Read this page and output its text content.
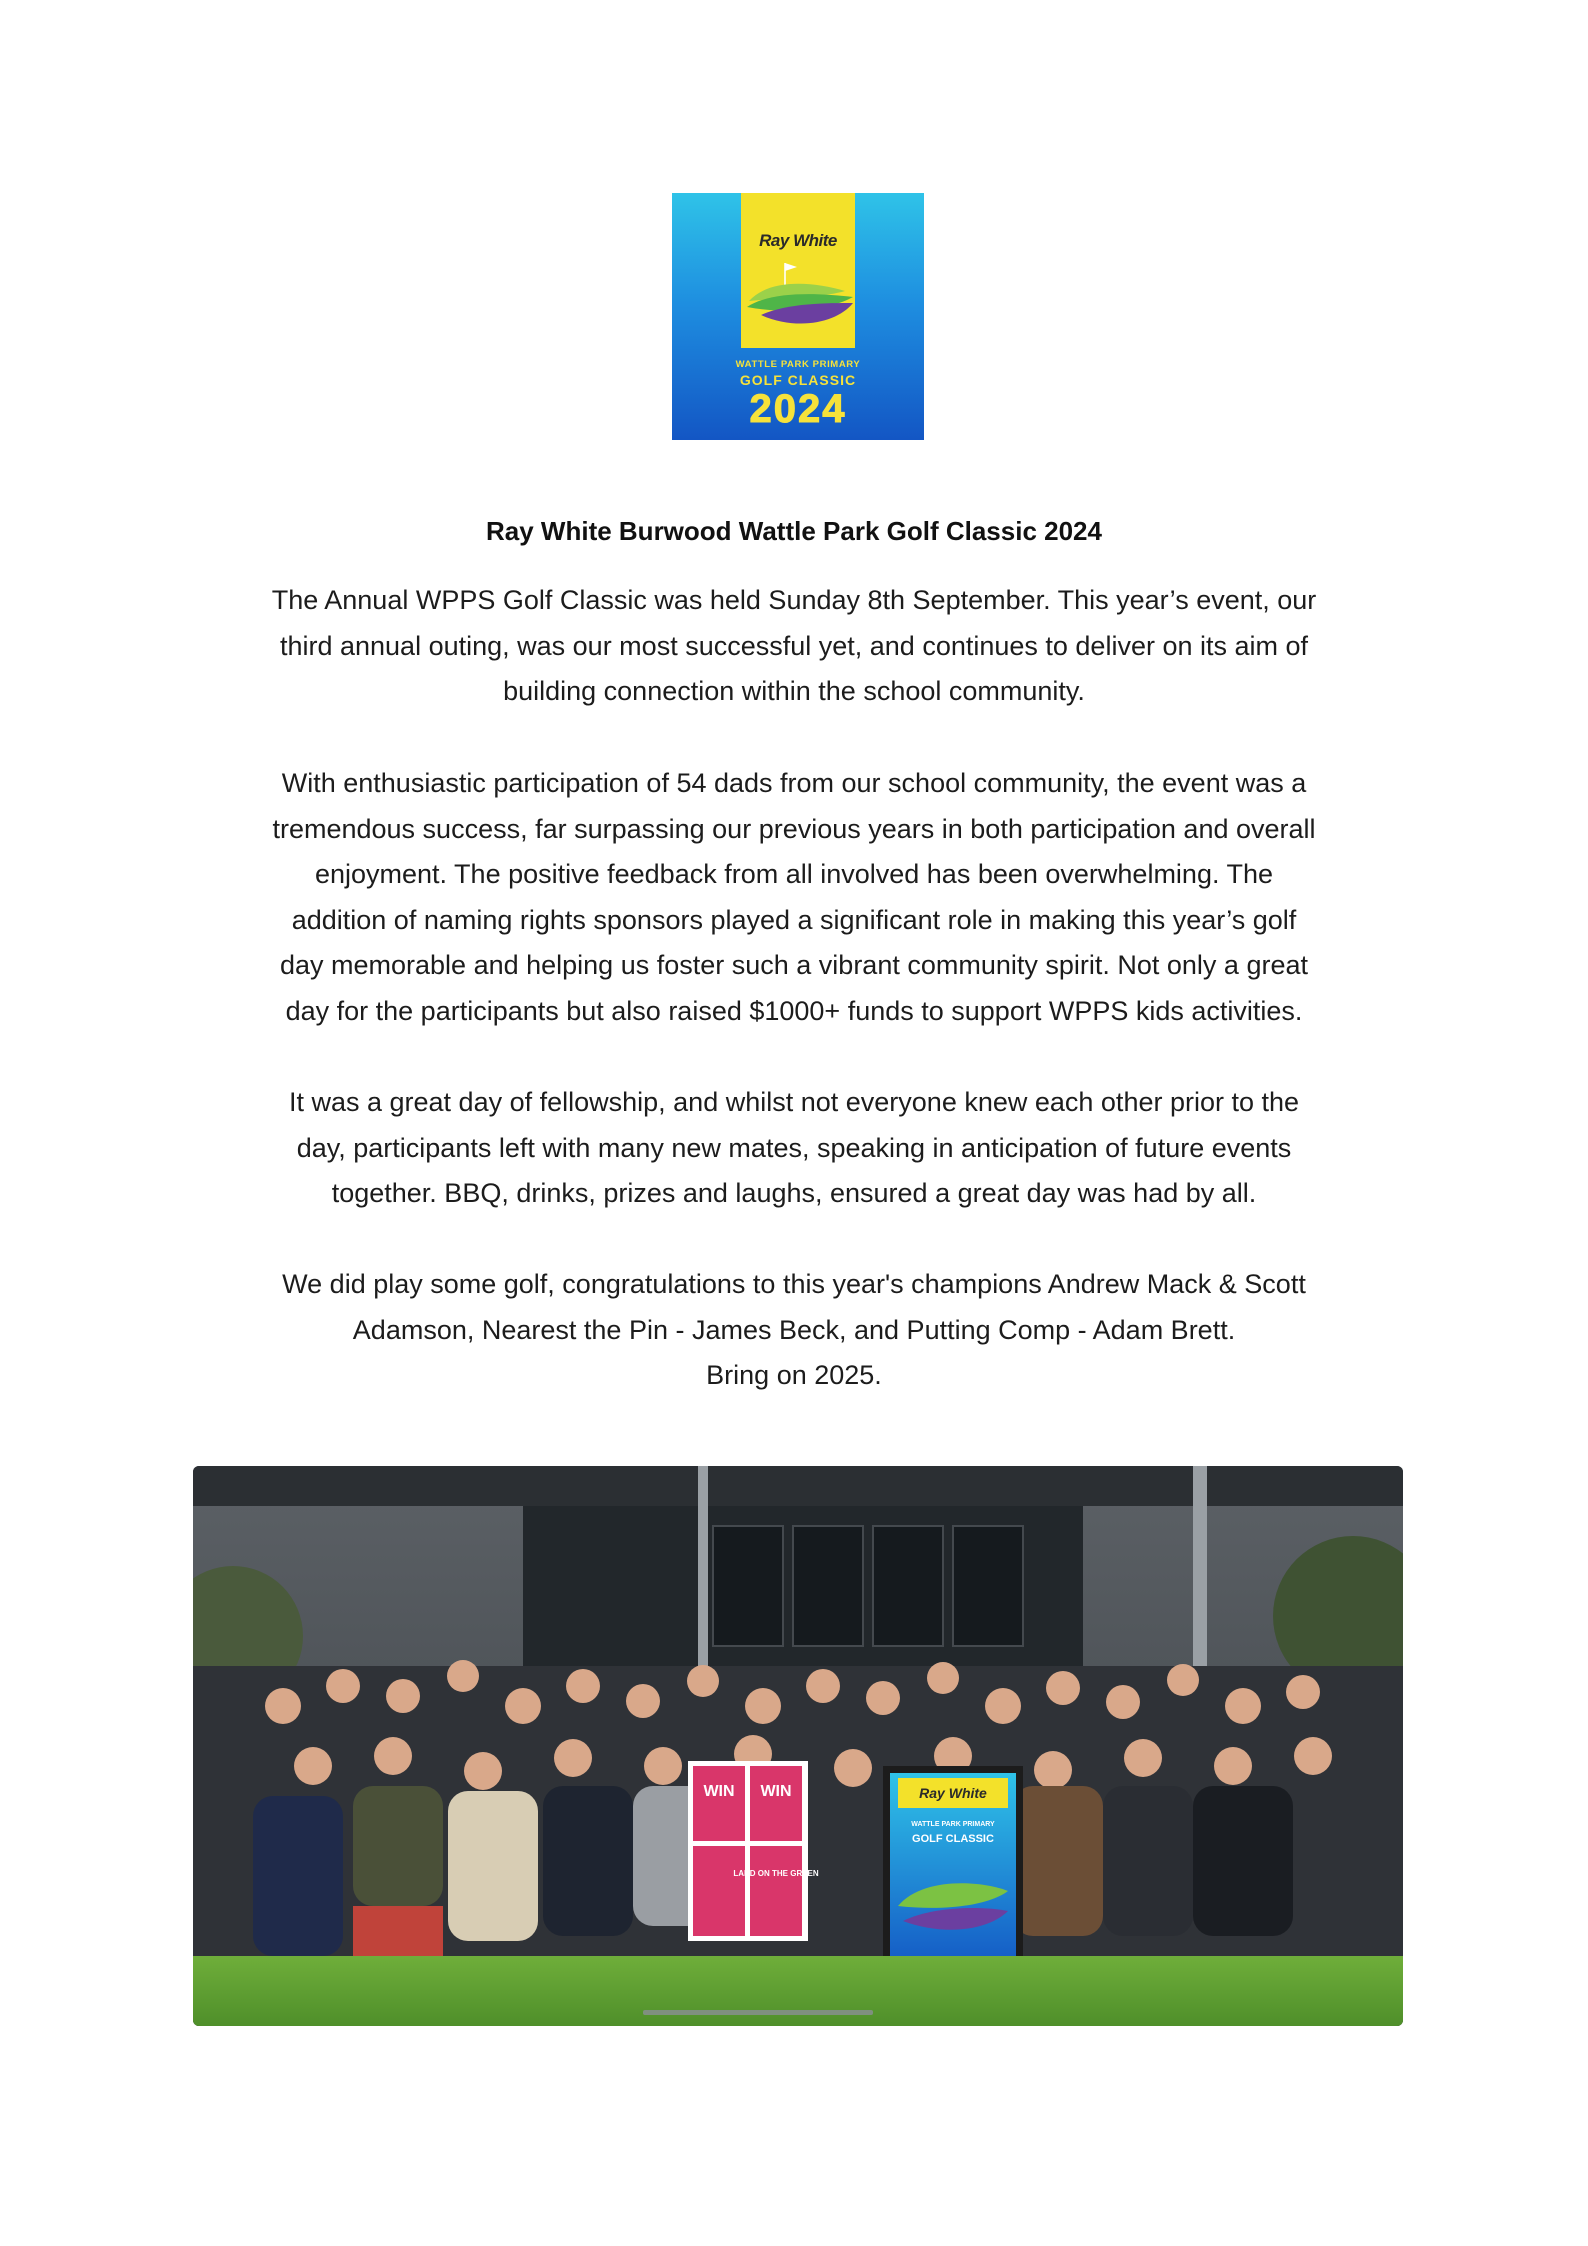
Ray White
WATTLE PARK PRIMARY
GOLF CLASSIC
2024
Ray White Burwood Wattle Park Golf Classic 2024

The Annual WPPS Golf Classic was held Sunday 8th September. This year’s event, our
third annual outing, was our most successful yet, and continues to deliver on its aim of
building connection within the school community.

With enthusiastic participation of 54 dads from our school community, the event was a
tremendous success, far surpassing our previous years in both participation and overall
enjoyment. The positive feedback from all involved has been overwhelming. The
addition of naming rights sponsors played a significant role in making this year’s golf
day memorable and helping us foster such a vibrant community spirit. Not only a great
day for the participants but also raised $1000+ funds to support WPPS kids activities.

It was a great day of fellowship, and whilst not everyone knew each other prior to the
day, participants left with many new mates, speaking in anticipation of future events
together. BBQ, drinks, prizes and laughs, ensured a great day was had by all.

We did play some golf, congratulations to this year's champions Andrew Mack & Scott
Adamson, Nearest the Pin - James Beck, and Putting Comp - Adam Brett.
Bring on 2025.

WIN WIN
LAND ON THE GREEN
Ray White
WATTLE PARK PRIMARY
GOLF CLASSIC
